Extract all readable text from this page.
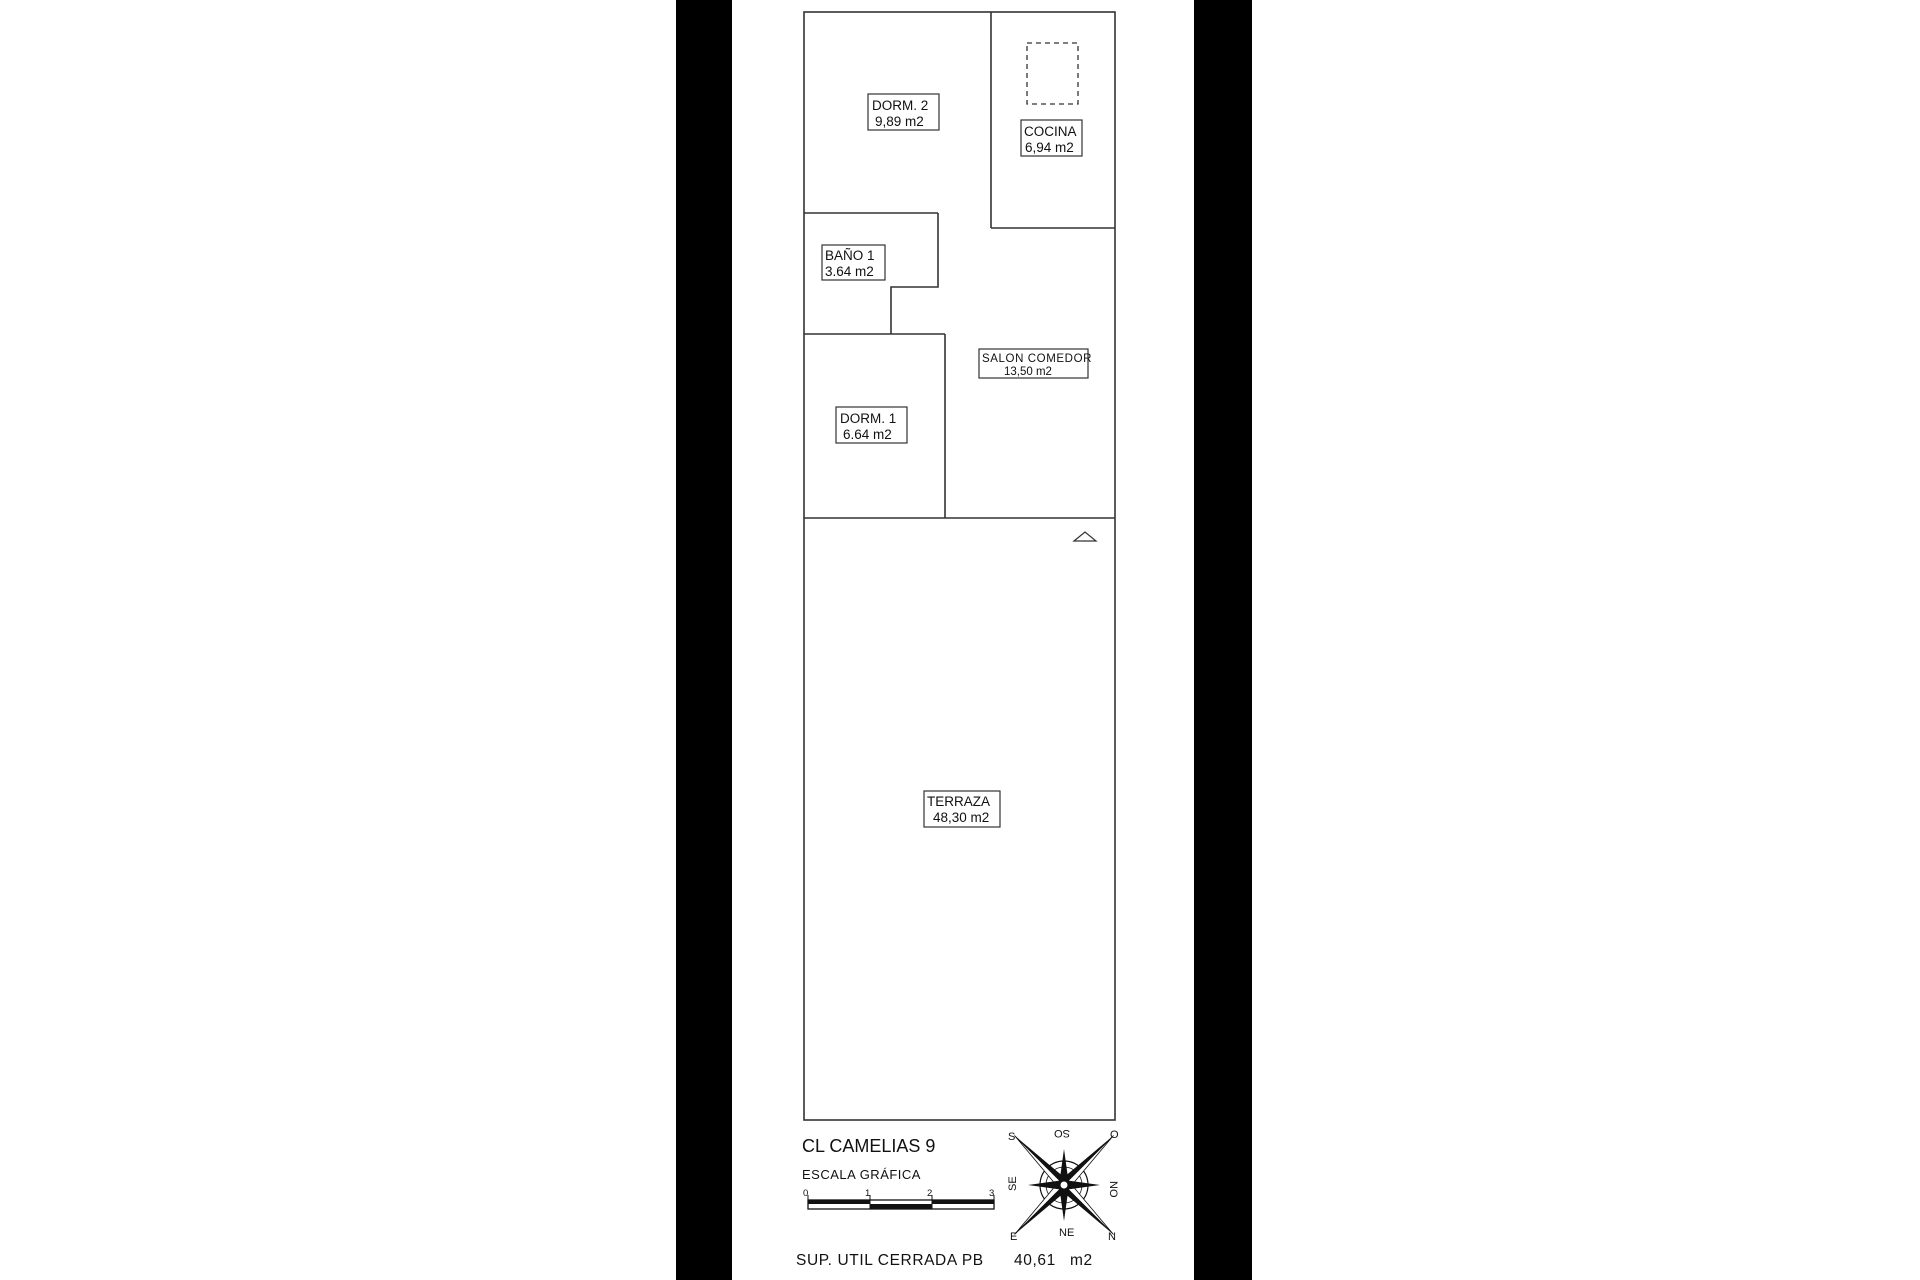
DORM. 2
9,89 m2
COCINA
6,94 m2
BAÑO 1
3.64 m2
SALON COMEDOR
13,50 m2
DORM. 1
6.64 m2
TERRAZA
48,30 m2
CL CAMELIAS 9
ESCALA GRÁFICA
0	1	2	3
O
NO
N
NE
E
SE
S	SO
SUP. UTIL CERRADA PB 40,61 m2
